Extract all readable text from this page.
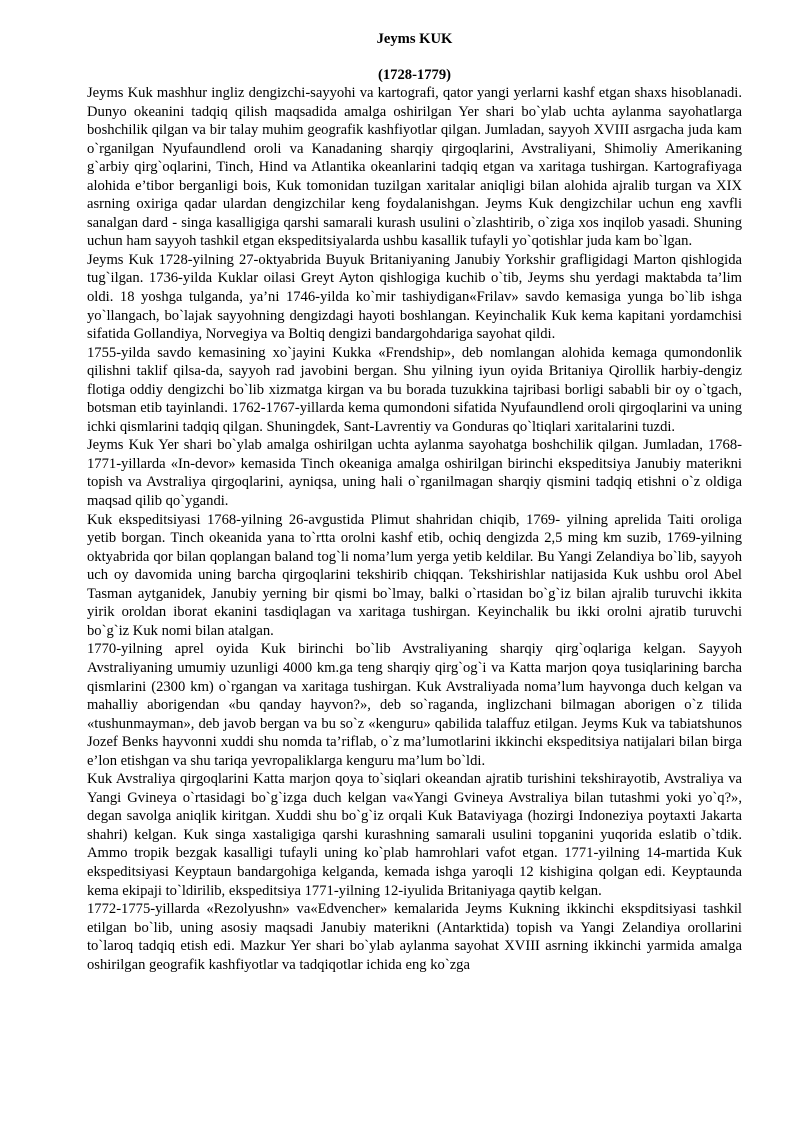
Jeyms KUK

(1728-1779)

Jeyms Kuk mashhur ingliz dengizchi-sayyohi va kartografi, qator yangi yerlarni kashf etgan shaxs hisoblanadi. Dunyo okeanini tadqiq qilish maqsadida amalga oshirilgan Yer shari bo`ylab uchta aylanma sayohatlarga boshchilik qilgan va bir talay muhim geografik kashfiyotlar qilgan. Jumladan, sayyoh XVIII asrgacha juda kam o`rganilgan Nyufaundlend oroli va Kanadaning sharqiy qirgoqlarini, Avstraliyani, Shimoliy Amerikaning g`arbiy qirg`oqlarini, Tinch, Hind va Atlantika okeanlarini tadqiq etgan va xaritaga tushirgan. Kartografiyaga alohida e’tibor berganligi bois, Kuk tomonidan tuzilgan xaritalar aniqligi bilan alohida ajralib turgan va XIX asrning oxiriga qadar ulardan dengizchilar keng foydalanishgan. Jeyms Kuk dengizchilar uchun eng xavfli sanalgan dard - singa kasalligiga qarshi samarali kurash usulini o`zlashtirib, o`ziga xos inqilob yasadi. Shuning uchun ham sayyoh tashkil etgan ekspeditsiyalarda ushbu kasallik tufayli yo`qotishlar juda kam bo`lgan.

Jeyms Kuk 1728-yilning 27-oktyabrida Buyuk Britaniyaning Janubiy Yorkshir grafligidagi Marton qishlogida tug`ilgan. 1736-yilda Kuklar oilasi Greyt Ayton qishlogiga kuchib o`tib, Jeyms shu yerdagi maktabda ta’lim oldi. 18 yoshga tulganda, ya’ni 1746-yilda ko`mir tashiydigan«Frilav» savdo kemasiga yunga bo`lib ishga yo`llangach, bo`lajak sayyohning dengizdagi hayoti boshlangan. Keyinchalik Kuk kema kapitani yordamchisi sifatida Gollandiya, Norvegiya va Boltiq dengizi bandargohdariga sayohat qildi.

1755-yilda savdo kemasining xo`jayini Kukka «Frendship», deb nomlangan alohida kemaga qumondonlik qilishni taklif qilsa-da, sayyoh rad javobini bergan. Shu yilning iyun oyida Britaniya Qirollik harbiy-dengiz flotiga oddiy dengizchi bo`lib xizmatga kirgan va bu borada tuzukkina tajribasi borligi sababli bir oy o`tgach, botsman etib tayinlandi. 1762-1767-yillarda kema qumondoni sifatida Nyufaundlend oroli qirgoqlarini va uning ichki qismlarini tadqiq qilgan. Shuningdek, Sant-Lavrentiy va Gonduras qo`ltiqlari xaritalarini tuzdi.

Jeyms Kuk Yer shari bo`ylab amalga oshirilgan uchta aylanma sayohatga boshchilik qilgan. Jumladan, 1768-1771-yillarda «In-devor» kemasida Tinch okeaniga amalga oshirilgan birinchi ekspeditsiya Janubiy materikni topish va Avstraliya qirgoqlarini, ayniqsa, uning hali o`rganilmagan sharqiy qismini tadqiq etishni o`z oldiga maqsad qilib qo`ygandi.

Kuk ekspeditsiyasi 1768-yilning 26-avgustida Plimut shahridan chiqib, 1769- yilning aprelida Taiti oroliga yetib borgan. Tinch okeanida yana to`rtta orolni kashf etib, ochiq dengizda 2,5 ming km suzib, 1769-yilning oktyabrida qor bilan qoplangan baland tog`li noma’lum yerga yetib keldilar. Bu Yangi Zelandiya bo`lib, sayyoh uch oy davomida uning barcha qirgoqlarini tekshirib chiqqan. Tekshirishlar natijasida Kuk ushbu orol Abel Tasman aytganidek, Janubiy yerning bir qismi bo`lmay, balki o`rtasidan bo`g`iz bilan ajralib turuvchi ikkita yirik oroldan iborat ekanini tasdiqlagan va xaritaga tushirgan. Keyinchalik bu ikki orolni ajratib turuvchi bo`g`iz Kuk nomi bilan atalgan.

1770-yilning aprel oyida Kuk birinchi bo`lib Avstraliyaning sharqiy qirg`oqlariga kelgan. Sayyoh Avstraliyaning umumiy uzunligi 4000 km.ga teng sharqiy qirg`og`i va Katta marjon qoya tusiqlarining barcha qismlarini (2300 km) o`rgangan va xaritaga tushirgan. Kuk Avstraliyada noma’lum hayvonga duch kelgan va mahalliy aborigendan «bu qanday hayvon?», deb so`raganda, inglizchani bilmagan aborigen o`z tilida «tushunmayman», deb javob bergan va bu so`z «kenguru» qabilida talaffuz etilgan. Jeyms Kuk va tabiatshunos Jozef Benks hayvonni xuddi shu nomda ta’riflab, o`z ma’lumotlarini ikkinchi ekspeditsiya natijalari bilan birga e’lon etishgan va shu tariqa yevropaliklarga kenguru ma’lum bo`ldi.

Kuk Avstraliya qirgoqlarini Katta marjon qoya to`siqlari okeandan ajratib turishini tekshirayotib, Avstraliya va Yangi Gvineya o`rtasidagi bo`g`izga duch kelgan va«Yangi Gvineya Avstraliya bilan tutashmi yoki yo`q?», degan savolga aniqlik kiritgan. Xuddi shu bo`g`iz orqali Kuk Bataviyaga (hozirgi Indoneziya poytaxti Jakarta shahri) kelgan. Kuk singa xastaligiga qarshi kurashning samarali usulini topganini yuqorida eslatib o`tdik. Ammo tropik bezgak kasalligi tufayli uning ko`plab hamrohlari vafot etgan. 1771-yilning 14-martida Kuk ekspeditsiyasi Keyptaun bandargohiga kelganda, kemada ishga yaroqli 12 kishigina qolgan edi. Keyptaunda kema ekipaji to`ldirilib, ekspeditsiya 1771-yilning 12-iyulida Britaniyaga qaytib kelgan.

1772-1775-yillarda «Rezolyushn» va«Edvencher» kemalarida Jeyms Kukning ikkinchi ekspditsiyasi tashkil etilgan bo`lib, uning asosiy maqsadi Janubiy materikni (Antarktida) topish va Yangi Zelandiya orollarini to`laroq tadqiq etish edi. Mazkur Yer shari bo`ylab aylanma sayohat XVIII asrning ikkinchi yarmida amalga oshirilgan geografik kashfiyotlar va tadqiqotlar ichida eng ko`zga
